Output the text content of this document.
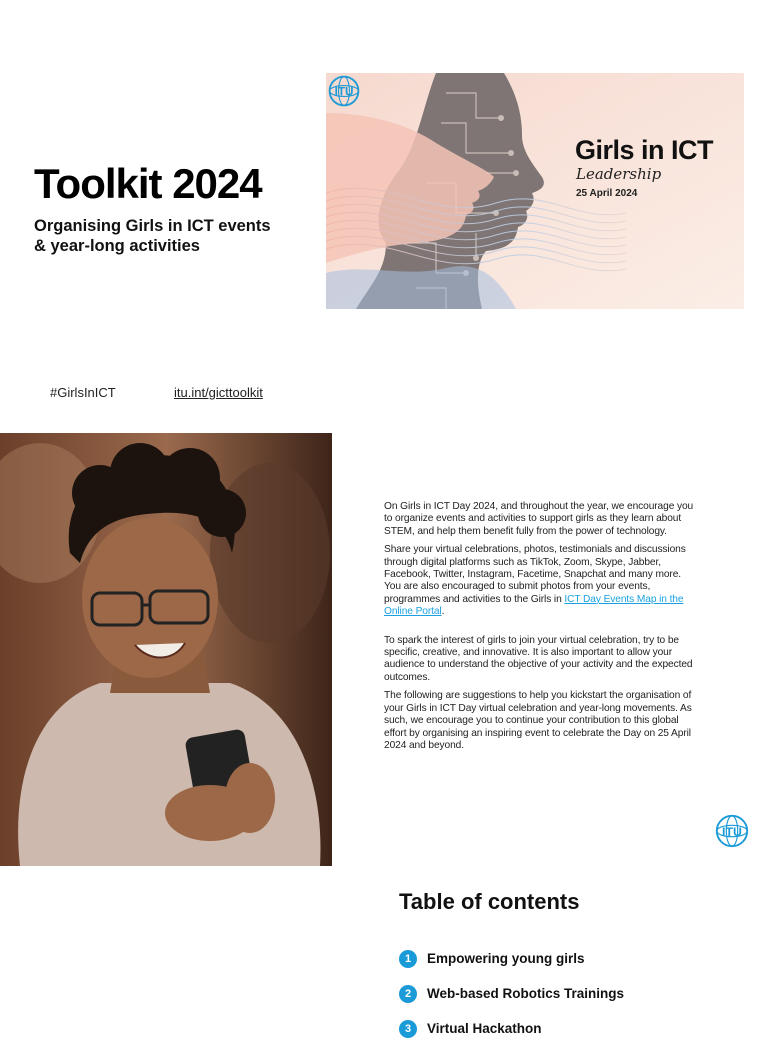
Toolkit 2024
Organising Girls in ICT events
& year-long activities
Girls in ICT
Leadership
25 April 2024
ITU
#GirlsInICT	itu.int/gicttoolkit

On Girls in ICT Day 2024, and throughout the year, we encourage you to organize events and activities to support girls as they learn about STEM, and help them benefit fully from the power of technology.

Share your virtual celebrations, photos, testimonials and discussions through digital platforms such as TikTok, Zoom, Skype, Jabber, Facebook, Twitter, Instagram, Facetime, Snapchat and many more. You are also encouraged to submit photos from your events, programmes and activities to the Girls in ICT Day Events Map in the Online Portal.

To spark the interest of girls to join your virtual celebration, try to be specific, creative, and innovative. It is also important to allow your audience to understand the objective of your activity and the expected outcomes.

The following are suggestions to help you kickstart the organisation of your Girls in ICT Day virtual celebration and year-long movements. As such, we encourage you to continue your contribution to this global effort by organising an inspiring event to celebrate the Day on 25 April 2024 and beyond.

ITU
Table of contents
1	Empowering young girls
2	Web-based Robotics Trainings
3	Virtual Hackathon
